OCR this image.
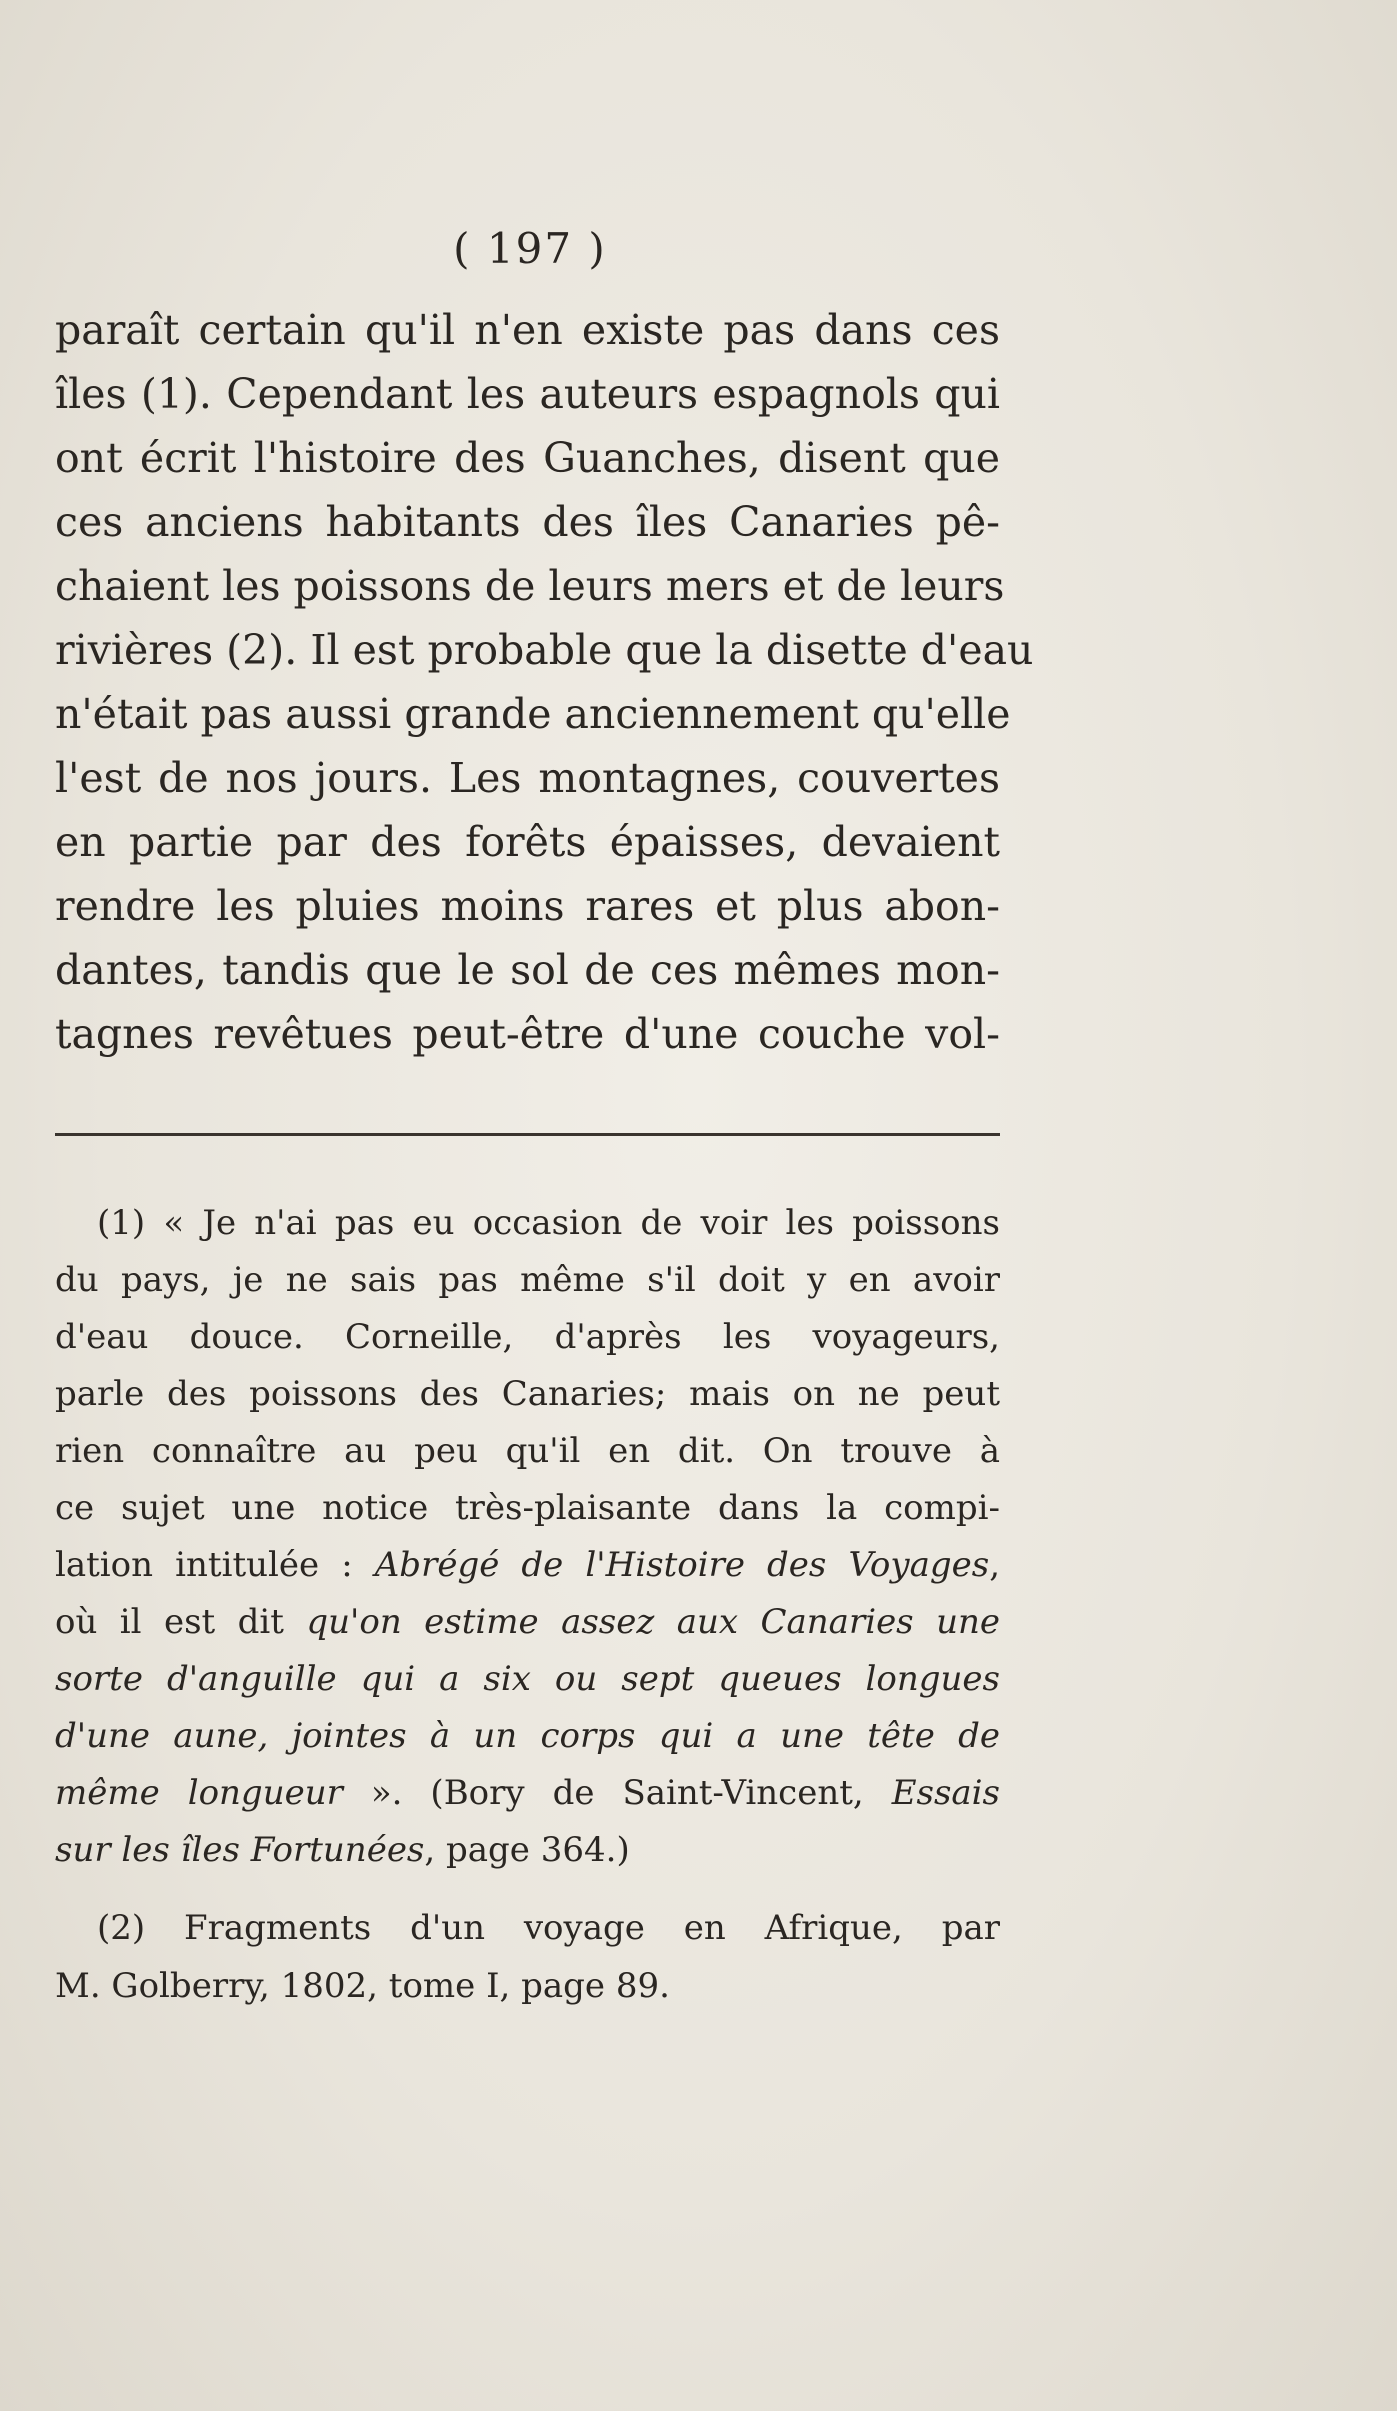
( 197 )
paraît certain qu'il n'en existe pas dans ces
îles (1). Cependant les auteurs espagnols qui
ont écrit l'histoire des Guanches, disent que
ces anciens habitants des îles Canaries pê-
chaient les poissons de leurs mers et de leurs
rivières (2). Il est probable que la disette d'eau
n'était pas aussi grande anciennement qu'elle
l'est de nos jours. Les montagnes, couvertes
en partie par des forêts épaisses, devaient
rendre les pluies moins rares et plus abon-
dantes, tandis que le sol de ces mêmes mon-
tagnes revêtues peut-être d'une couche vol-
(1) « Je n'ai pas eu occasion de voir les poissons
du pays, je ne sais pas même s'il doit y en avoir
d'eau douce. Corneille, d'après les voyageurs,
parle des poissons des Canaries; mais on ne peut
rien connaître au peu qu'il en dit. On trouve à
ce sujet une notice très-plaisante dans la compi-
lation intitulée : Abrégé de l'Histoire des Voyages,
où il est dit qu'on estime assez aux Canaries une
sorte d'anguille qui a six ou sept queues longues
d'une aune, jointes à un corps qui a une tête de
même longueur ». (Bory de Saint-Vincent, Essais
sur les îles Fortunées, page 364.)
(2) Fragments d'un voyage en Afrique, par
M. Golberry, 1802, tome I, page 89.
